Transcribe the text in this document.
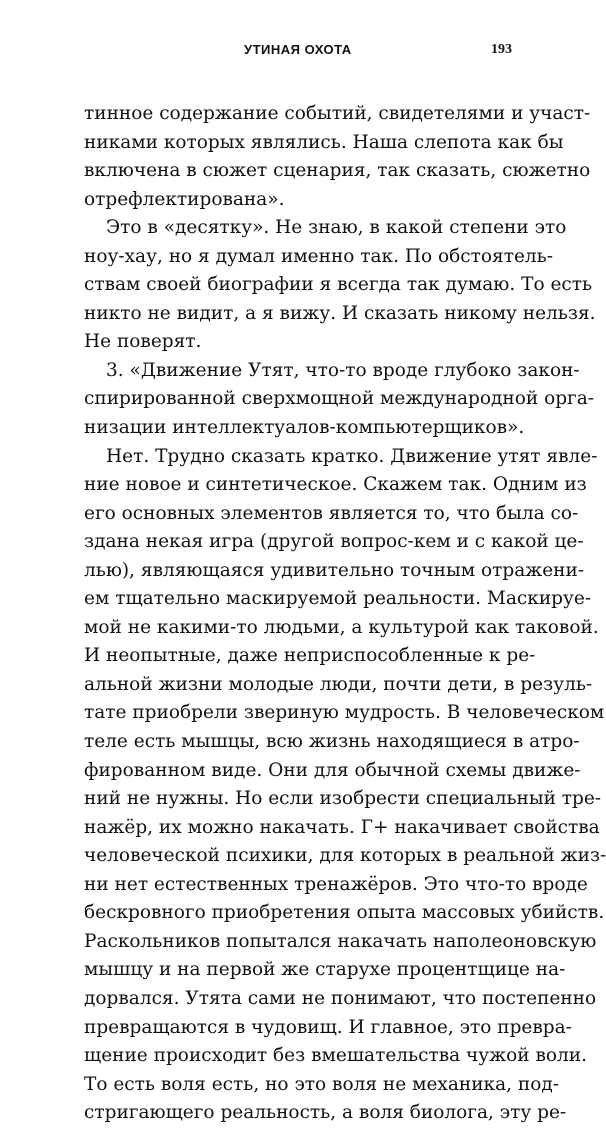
УТИНАЯ ОХОТА	193
тинное содержание событий, свидетелями и участ-
никами которых являлись. Наша слепота как бы
включена в сюжет сценария, так сказать, сюжетно
отрефлектирована».
Это в «десятку». Не знаю, в какой степени это
ноу-хау, но я думал именно так. По обстоятель-
ствам своей биографии я всегда так думаю. То есть
никто не видит, а я вижу. И сказать никому нельзя.
Не поверят.
3. «Движение Утят, что-то вроде глубоко закон-
спирированной сверхмощной международной орга-
низации интеллектуалов-компьютерщиков».
Нет. Трудно сказать кратко. Движение утят явле-
ние новое и синтетическое. Скажем так. Одним из
его основных элементов является то, что была со-
здана некая игра (другой вопрос-кем и с какой це-
лью), являющаяся удивительно точным отражени-
ем тщательно маскируемой реальности. Маскируе-
мой не какими-то людьми, а культурой как таковой.
И неопытные, даже неприспособленные к ре-
альной жизни молодые люди, почти дети, в резуль-
тате приобрели звериную мудрость. В человеческом
теле есть мышцы, всю жизнь находящиеся в атро-
фированном виде. Они для обычной схемы движе-
ний не нужны. Но если изобрести специальный тре-
нажёр, их можно накачать. Г+ накачивает свойства
человеческой психики, для которых в реальной жиз-
ни нет естественных тренажёров. Это что-то вроде
бескровного приобретения опыта массовых убийств.
Раскольников попытался накачать наполеоновскую
мышцу и на первой же старухе процентщице на-
дорвался. Утята сами не понимают, что постепенно
превращаются в чудовищ. И главное, это превра-
щение происходит без вмешательства чужой воли.
То есть воля есть, но это воля не механика, под-
стригающего реальность, а воля биолога, эту ре-
